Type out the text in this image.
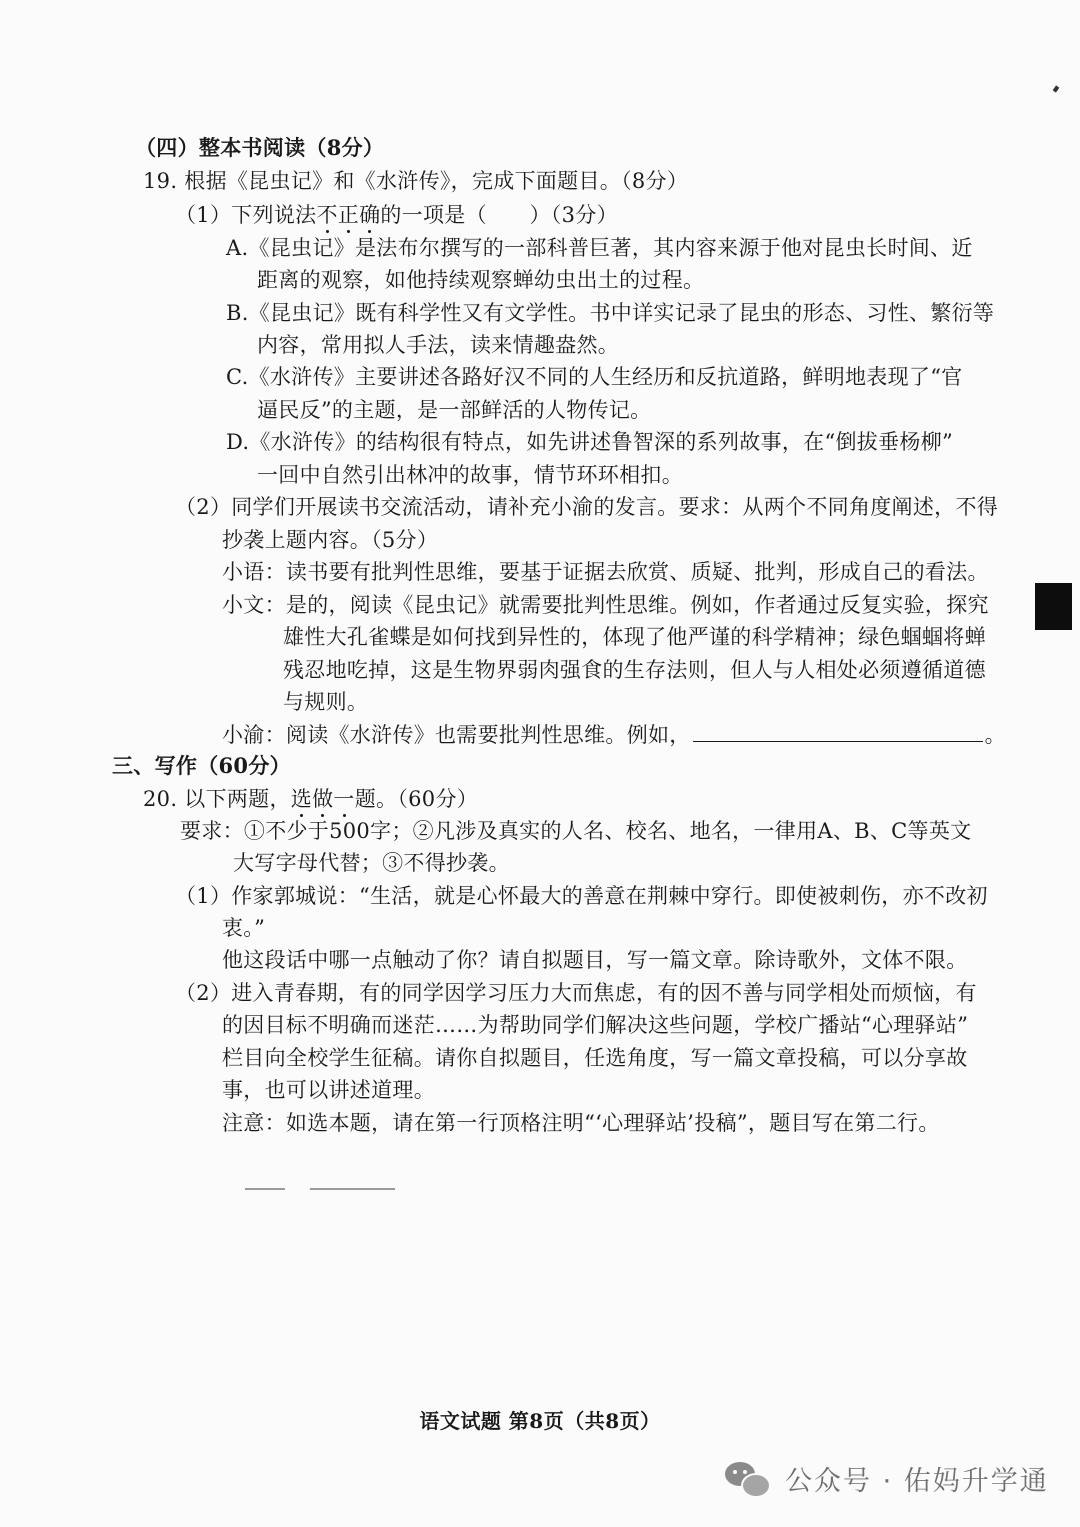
（四）整本书阅读（8分）
19. 根据《昆虫记》和《水浒传》，完成下面题目。（8分）
（1）下列说法不正确的一项是（　　）（3分）
A.《昆虫记》是法布尔撰写的一部科普巨著，其内容来源于他对昆虫长时间、近
距离的观察，如他持续观察蝉幼虫出土的过程。
B.《昆虫记》既有科学性又有文学性。书中详实记录了昆虫的形态、习性、繁衍等
内容，常用拟人手法，读来情趣盎然。
C.《水浒传》主要讲述各路好汉不同的人生经历和反抗道路，鲜明地表现了“官
逼民反”的主题，是一部鲜活的人物传记。
D.《水浒传》的结构很有特点，如先讲述鲁智深的系列故事，在“倒拔垂杨柳”
一回中自然引出林冲的故事，情节环环相扣。
（2）同学们开展读书交流活动，请补充小渝的发言。要求：从两个不同角度阐述，不得
抄袭上题内容。（5分）
小语：读书要有批判性思维，要基于证据去欣赏、质疑、批判，形成自己的看法。
小文：是的，阅读《昆虫记》就需要批判性思维。例如，作者通过反复实验，探究
雄性大孔雀蝶是如何找到异性的，体现了他严谨的科学精神；绿色蝈蝈将蝉
残忍地吃掉，这是生物界弱肉强食的生存法则，但人与人相处必须遵循道德
与规则。
小渝：阅读《水浒传》也需要批判性思维。例如，	。
三、写作（60分）
20. 以下两题，选做一题。（60分）
要求：①不少于500字；②凡涉及真实的人名、校名、地名，一律用A、B、C等英文
大写字母代替；③不得抄袭。
（1）作家郭城说：“生活，就是心怀最大的善意在荆棘中穿行。即使被刺伤，亦不改初
衷。”
他这段话中哪一点触动了你？请自拟题目，写一篇文章。除诗歌外，文体不限。
（2）进入青春期，有的同学因学习压力大而焦虑，有的因不善与同学相处而烦恼，有
的因目标不明确而迷茫……为帮助同学们解决这些问题，学校广播站“心理驿站”
栏目向全校学生征稿。请你自拟题目，任选角度，写一篇文章投稿，可以分享故
事，也可以讲述道理。
注意：如选本题，请在第一行顶格注明“‘心理驿站’投稿”，题目写在第二行。
语文试题 第8页（共8页）
公众号 · 佑妈升学通
